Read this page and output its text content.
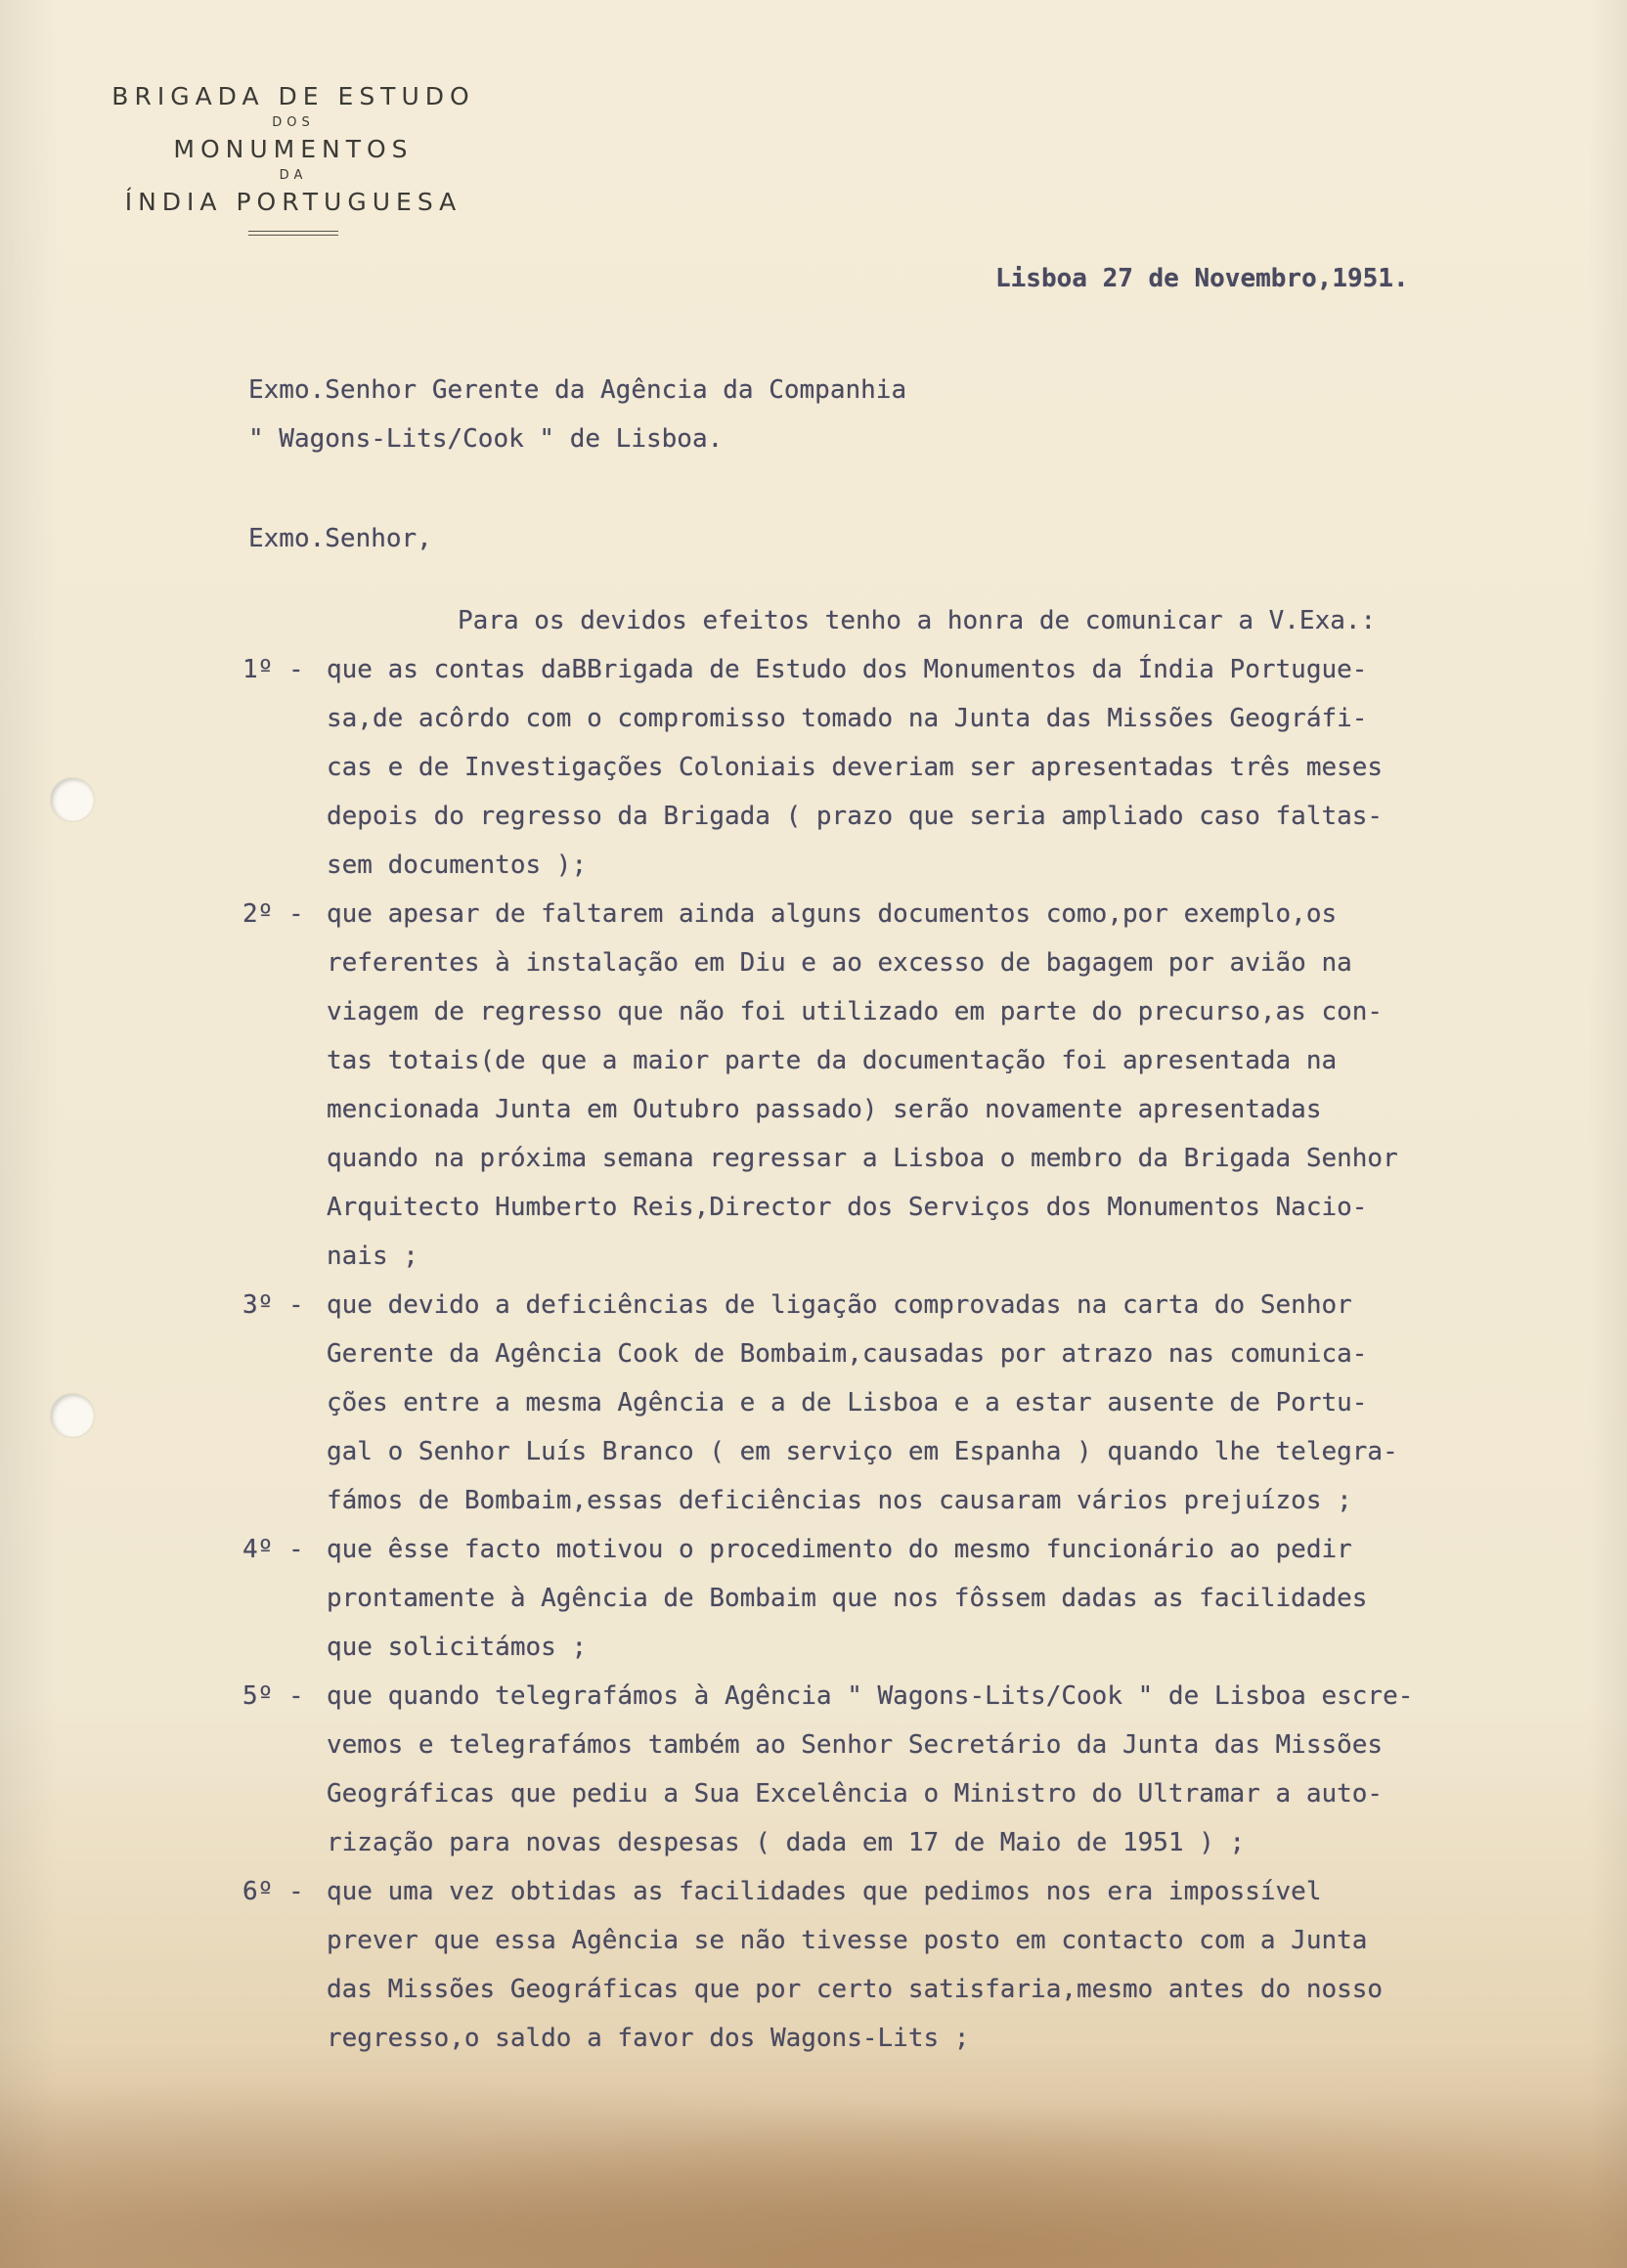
BRIGADA DE ESTUDO
DOS
MONUMENTOS
DA
ÍNDIA PORTUGUESA
Lisboa 27 de Novembro,1951.
Exmo.Senhor Gerente da Agência da Companhia
" Wagons-Lits/Cook " de Lisboa.
Exmo.Senhor,
Para os devidos efeitos tenho a honra de comunicar a V.Exa.:
1º - que as contas daBBrigada de Estudo dos Monumentos da Índia Portugue-
sa,de acôrdo com o compromisso tomado na Junta das Missões Geográfi-
cas e de Investigações Coloniais deveriam ser apresentadas três meses
depois do regresso da Brigada ( prazo que seria ampliado caso faltas-
sem documentos );
2º - que apesar de faltarem ainda alguns documentos como,por exemplo,os
referentes à instalação em Diu e ao excesso de bagagem por avião na
viagem de regresso que não foi utilizado em parte do precurso,as con-
tas totais(de que a maior parte da documentação foi apresentada na
mencionada Junta em Outubro passado) serão novamente apresentadas
quando na próxima semana regressar a Lisboa o membro da Brigada Senhor
Arquitecto Humberto Reis,Director dos Serviços dos Monumentos Nacio-
nais ;
3º - que devido a deficiências de ligação comprovadas na carta do Senhor
Gerente da Agência Cook de Bombaim,causadas por atrazo nas comunica-
ções entre a mesma Agência e a de Lisboa e a estar ausente de Portu-
gal o Senhor Luís Branco ( em serviço em Espanha ) quando lhe telegra-
fámos de Bombaim,essas deficiências nos causaram vários prejuízos ;
4º - que êsse facto motivou o procedimento do mesmo funcionário ao pedir
prontamente à Agência de Bombaim que nos fôssem dadas as facilidades
que solicitámos ;
5º - que quando telegrafámos à Agência " Wagons-Lits/Cook " de Lisboa escre-
vemos e telegrafámos também ao Senhor Secretário da Junta das Missões
Geográficas que pediu a Sua Excelência o Ministro do Ultramar a auto-
rização para novas despesas ( dada em 17 de Maio de 1951 ) ;
6º - que uma vez obtidas as facilidades que pedimos nos era impossível
prever que essa Agência se não tivesse posto em contacto com a Junta
das Missões Geográficas que por certo satisfaria,mesmo antes do nosso
regresso,o saldo a favor dos Wagons-Lits ;
